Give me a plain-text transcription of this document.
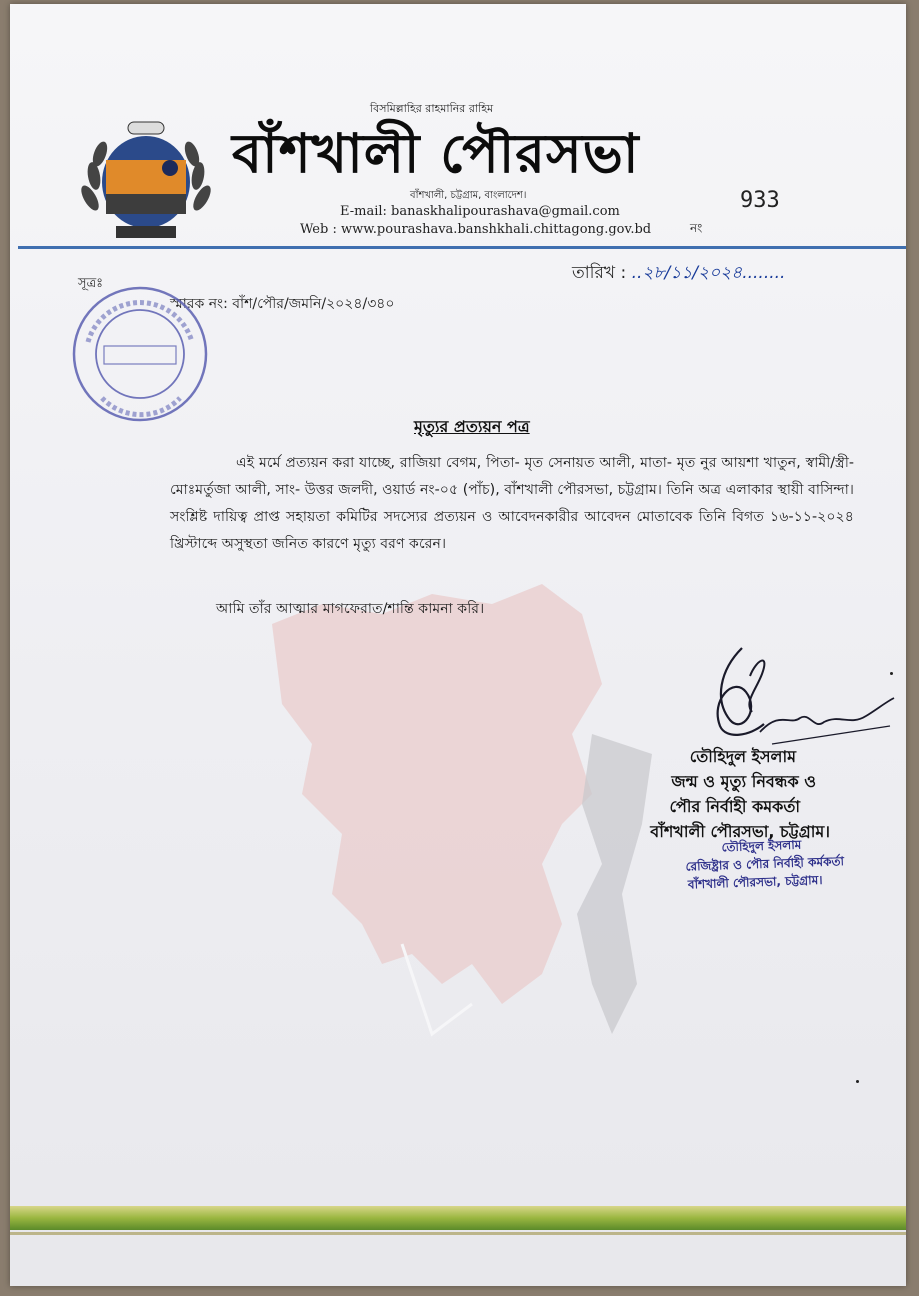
বিসমিল্লাহির রাহমানির রাহিম
বাঁশখালী পৌরসভা
বাঁশখালী, চট্টগ্রাম, বাংলাদেশ।
E-mail: banaskhalipourashava@gmail.com
Web : www.pourashava.banshkhali.chittagong.gov.bd	নং
933
সূত্রঃ
তারিখ : ..২৮/১১/২০২৪........
স্মারক নং: বাঁশ/পৌর/জমনি/২০২৪/৩৪০
মৃত্যুর প্রত্যয়ন পত্র
এই মর্মে প্রত্যয়ন করা যাচ্ছে, রাজিয়া বেগম, পিতা- মৃত সেনায়ত আলী, মাতা- মৃত নুর আয়শা খাতুন, স্বামী/স্ত্রী- মোঃমর্তুজা আলী, সাং- উত্তর জলদী, ওয়ার্ড নং-০৫ (পাঁচ), বাঁশখালী পৌরসভা, চট্টগ্রাম। তিনি অত্র এলাকার স্থায়ী বাসিন্দা। সংশ্লিষ্ট দায়িত্ব প্রাপ্ত সহায়তা কমিটির সদস্যের প্রত্যয়ন ও আবেদনকারীর আবেদন মোতাবেক তিনি বিগত ১৬-১১-২০২৪ খ্রিস্টাব্দে অসুস্থতা জনিত কারণে মৃত্যু বরণ করেন।
আমি তাঁর আত্মার মাগফেরাত/শান্তি কামনা করি।
তৌহিদুল ইসলাম
জন্ম ও মৃত্যু নিবন্ধক ও
পৌর নির্বাহী কমকর্তা
বাঁশখালী পৌরসভা, চট্টগ্রাম।
তৌহিদুল ইসলাম
রেজিষ্ট্রার ও পৌর নির্বাহী কর্মকর্তা
বাঁশখালী পৌরসভা, চট্টগ্রাম।
